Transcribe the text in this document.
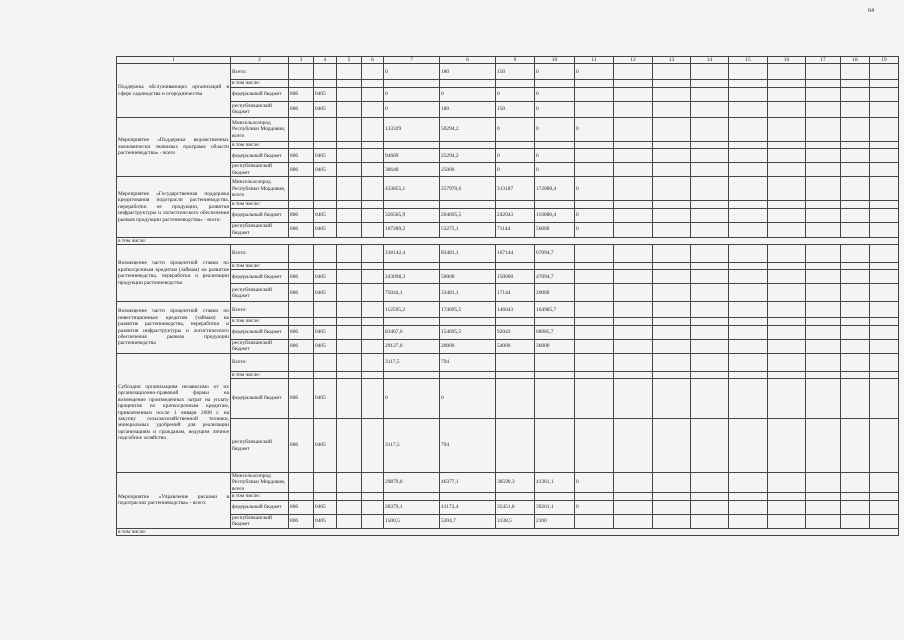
64
1	2	3	4	5	6	7	8	9	10	11	12	13	14	15	16	17	18	19
Поддержка обслуживающих организаций в сфере садоводства и огородничества	Всего:					0	180	150	0	0								
	в том числе:																	
	федеральный бюджет	806	0405			0	0	0	0									
	республиканский бюджет	806	0405			0	180	150	0									
Мероприятие «Поддержка ведомственных экономически значимых программ области растениеводства» - всего	Минсельхозпрод Республики Мордовия, всего					133329	50294,2	0	0	0								
	в том числе:																	
	федеральный бюджет	806	0405			94689	25294,2	0	0									
	республиканский бюджет	806	0405			38640	25000	0	0									
Мероприятие «Государственная поддержка кредитования подотрасли растениеводства, переработки ее продукции, развития инфраструктуры и логистического обеспечения рынков продукции растениеводства» - всего:	Минсельхозпрод Республики Мордовия, всего					433855,1	257970,6	313187	172080,4	0								
	в том числе:																	
	федеральный бюджет	806	0405			326565,9	204695,5	242043	116080,4	0								
	республиканский бюджет	806	0405			107289,2	53275,1	71144	56000	0								
в том числе:																		
Возмещение части процентной ставки по краткосрочным кредитам (займам) на развитие растениеводства, переработки и реализации продукции растениеводства	Всего:					318142,4	83481,1	167144	67094,7									
	в том числе:																	
	федеральный бюджет	806	0405			243098,3	50000	150000	47094,7									
	республиканский бюджет	806	0405			75044,1	33481,1	17144	20000									
Возмещение части процентной ставки по инвестиционным кредитам (займам) на развитие растениеводства, переработки и развития инфраструктуры и логистического обеспечения рынков продукции растениеводства	Всего:					112595,2	174695,5	146043	104985,7									
	в том числе:																	
	федеральный бюджет	806	0405			83467,6	154695,5	92043	68985,7									
	республиканский бюджет	806	0405			29127,6	20000	54000	36000									
Субсидии организациям независимо от их организационно-правовой формы на возмещение произведенных затрат на уплату процентов по краткосрочным кредитам, привлеченным после 1 января 2008 г. на закупку сельскохозяйственной техники, минеральных удобрений для реализации организациям и гражданам, ведущим личное подсобное хозяйство	Всего:					3117,5	794											
	в том числе:																	
	федеральный бюджет	806	0405			0	0											
	республиканский бюджет	806	0405			3117,5	794											
Мероприятие «Управление рисками в подотраслях растениеводства» - всего:	Минсельхозпрод Республики Мордовия, всего					29879,6	46377,1	38590,3	41361,1	0								
	в том числе:																	
	федеральный бюджет	806	0405			28379,1	41172,4	35451,8	39261,1	0								
	республиканский бюджет	806	0405			1500,5	5204,7	3138,5	2100									
в том числе:																		
